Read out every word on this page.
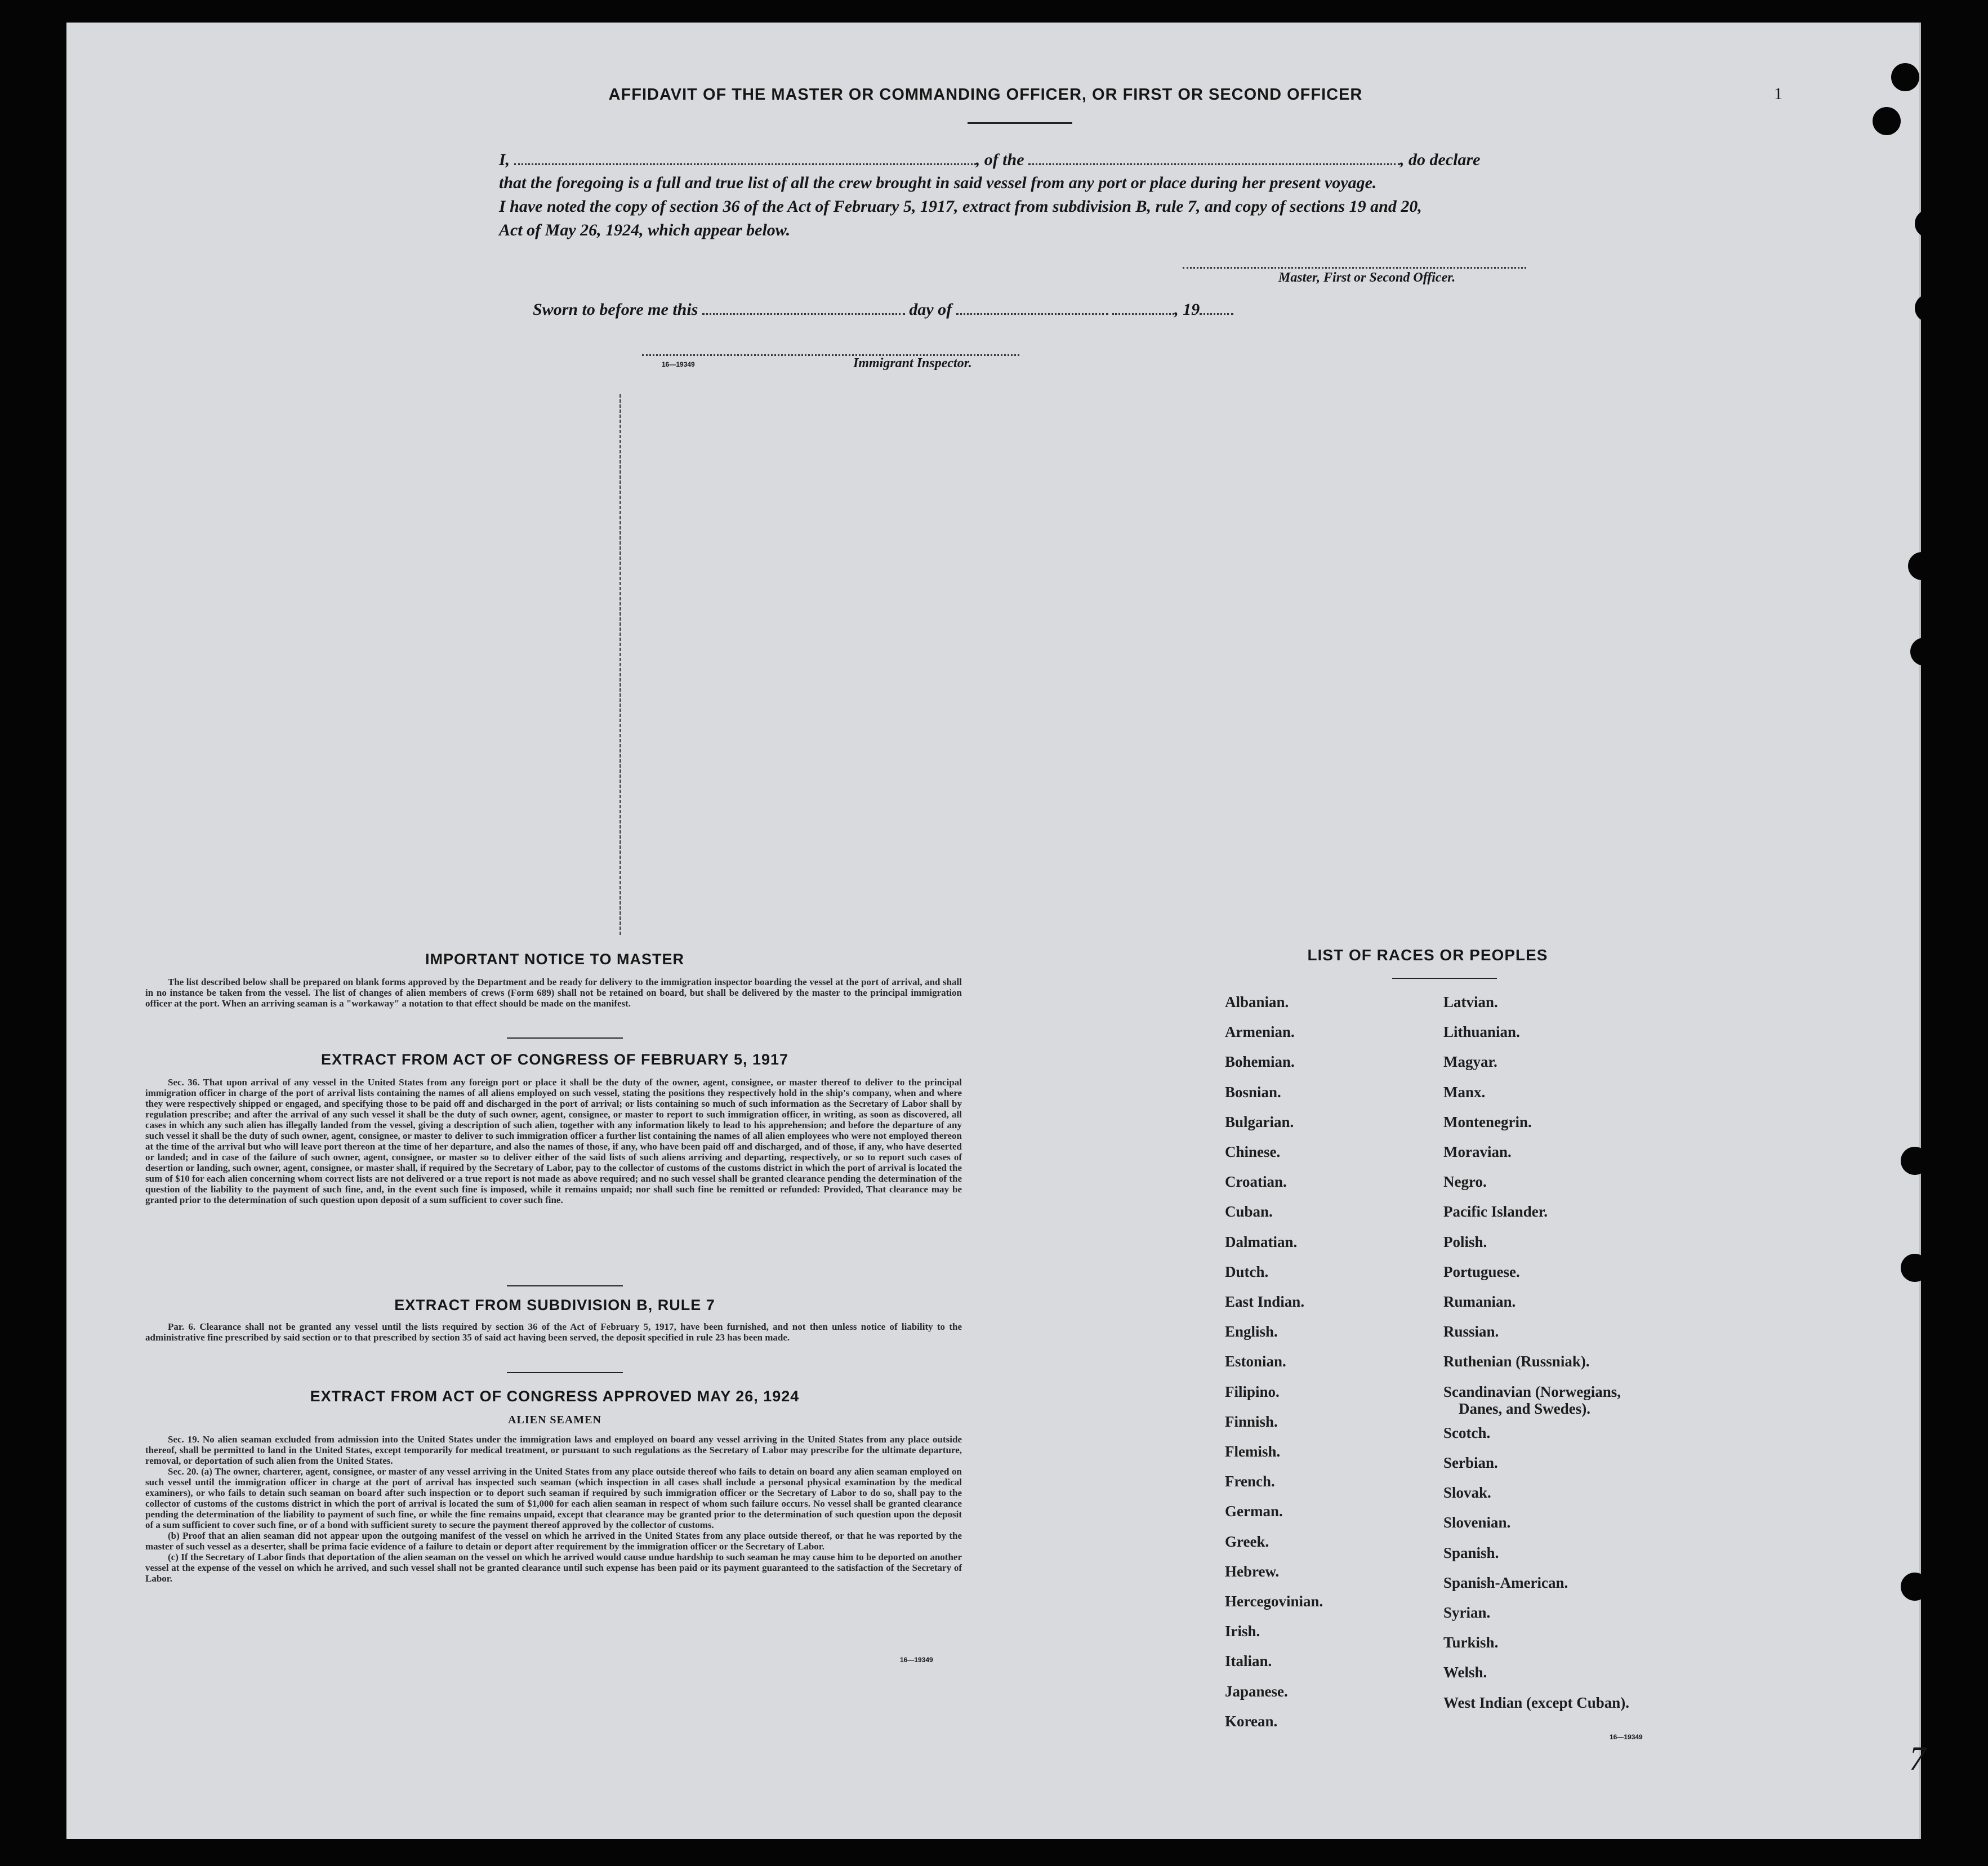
1
AFFIDAVIT OF THE MASTER OR COMMANDING OFFICER, OR FIRST OR SECOND OFFICER
I,	, of the	, do declare
that the foregoing is a full and true list of all the crew brought in said vessel from any port or place during her present voyage.
I have noted the copy of section 36 of the Act of February 5, 1917, extract from subdivision B, rule 7, and copy of sections 19 and 20,
Act of May 26, 1924, which appear below.
Master, First or Second Officer.
Sworn to before me this	day of	, 19
16—19349	Immigrant Inspector.
IMPORTANT NOTICE TO MASTER

The list described below shall be prepared on blank forms approved by the Department and be ready for delivery to the immigration inspector boarding the vessel at the port of arrival, and shall in no instance be taken from the vessel. The list of changes of alien members of crews (Form 689) shall not be retained on board, but shall be delivered by the master to the principal immigration officer at the port. When an arriving seaman is a "workaway" a notation to that effect should be made on the manifest.

EXTRACT FROM ACT OF CONGRESS OF FEBRUARY 5, 1917

Sec. 36. That upon arrival of any vessel in the United States from any foreign port or place it shall be the duty of the owner, agent, consignee, or master thereof to deliver to the principal immigration officer in charge of the port of arrival lists containing the names of all aliens employed on such vessel, stating the positions they respectively hold in the ship's company, when and where they were respectively shipped or engaged, and specifying those to be paid off and discharged in the port of arrival; or lists containing so much of such information as the Secretary of Labor shall by regulation prescribe; and after the arrival of any such vessel it shall be the duty of such owner, agent, consignee, or master to report to such immigration officer, in writing, as soon as discovered, all cases in which any such alien has illegally landed from the vessel, giving a description of such alien, together with any information likely to lead to his apprehension; and before the departure of any such vessel it shall be the duty of such owner, agent, consignee, or master to deliver to such immigration officer a further list containing the names of all alien employees who were not employed thereon at the time of the arrival but who will leave port thereon at the time of her departure, and also the names of those, if any, who have been paid off and discharged, and of those, if any, who have deserted or landed; and in case of the failure of such owner, agent, consignee, or master so to deliver either of the said lists of such aliens arriving and departing, respectively, or so to report such cases of desertion or landing, such owner, agent, consignee, or master shall, if required by the Secretary of Labor, pay to the collector of customs of the customs district in which the port of arrival is located the sum of $10 for each alien concerning whom correct lists are not delivered or a true report is not made as above required; and no such vessel shall be granted clearance pending the determination of the question of the liability to the payment of such fine, and, in the event such fine is imposed, while it remains unpaid; nor shall such fine be remitted or refunded: Provided, That clearance may be granted prior to the determination of such question upon deposit of a sum sufficient to cover such fine.

EXTRACT FROM SUBDIVISION B, RULE 7

Par. 6. Clearance shall not be granted any vessel until the lists required by section 36 of the Act of February 5, 1917, have been furnished, and not then unless notice of liability to the administrative fine prescribed by said section or to that prescribed by section 35 of said act having been served, the deposit specified in rule 23 has been made.

EXTRACT FROM ACT OF CONGRESS APPROVED MAY 26, 1924
ALIEN SEAMEN

Sec. 19. No alien seaman excluded from admission into the United States under the immigration laws and employed on board any vessel arriving in the United States from any place outside thereof, shall be permitted to land in the United States, except temporarily for medical treatment, or pursuant to such regulations as the Secretary of Labor may prescribe for the ultimate departure, removal, or deportation of such alien from the United States.

Sec. 20. (a) The owner, charterer, agent, consignee, or master of any vessel arriving in the United States from any place outside thereof who fails to detain on board any alien seaman employed on such vessel until the immigration officer in charge at the port of arrival has inspected such seaman (which inspection in all cases shall include a personal physical examination by the medical examiners), or who fails to detain such seaman on board after such inspection or to deport such seaman if required by such immigration officer or the Secretary of Labor to do so, shall pay to the collector of customs of the customs district in which the port of arrival is located the sum of $1,000 for each alien seaman in respect of whom such failure occurs. No vessel shall be granted clearance pending the determination of the liability to payment of such fine, or while the fine remains unpaid, except that clearance may be granted prior to the determination of such question upon the deposit of a sum sufficient to cover such fine, or of a bond with sufficient surety to secure the payment thereof approved by the collector of customs.

(b) Proof that an alien seaman did not appear upon the outgoing manifest of the vessel on which he arrived in the United States from any place outside thereof, or that he was reported by the master of such vessel as a deserter, shall be prima facie evidence of a failure to detain or deport after requirement by the immigration officer or the Secretary of Labor.

(c) If the Secretary of Labor finds that deportation of the alien seaman on the vessel on which he arrived would cause undue hardship to such seaman he may cause him to be deported on another vessel at the expense of the vessel on which he arrived, and such vessel shall not be granted clearance until such expense has been paid or its payment guaranteed to the satisfaction of the Secretary of Labor.

16—19349
LIST OF RACES OR PEOPLES
Albanian.
Armenian.
Bohemian.
Bosnian.
Bulgarian.
Chinese.
Croatian.
Cuban.
Dalmatian.
Dutch.
East Indian.
English.
Estonian.
Filipino.
Finnish.
Flemish.
French.
German.
Greek.
Hebrew.
Hercegovinian.
Irish.
Italian.
Japanese.
Korean.
Latvian.
Lithuanian.
Magyar.
Manx.
Montenegrin.
Moravian.
Negro.
Pacific Islander.
Polish.
Portuguese.
Rumanian.
Russian.
Ruthenian (Russniak).
Scandinavian (Norwegians,
Danes, and Swedes).
Scotch.
Serbian.
Slovak.
Slovenian.
Spanish.
Spanish-American.
Syrian.
Turkish.
Welsh.
West Indian (except Cuban).
16—19349
7
